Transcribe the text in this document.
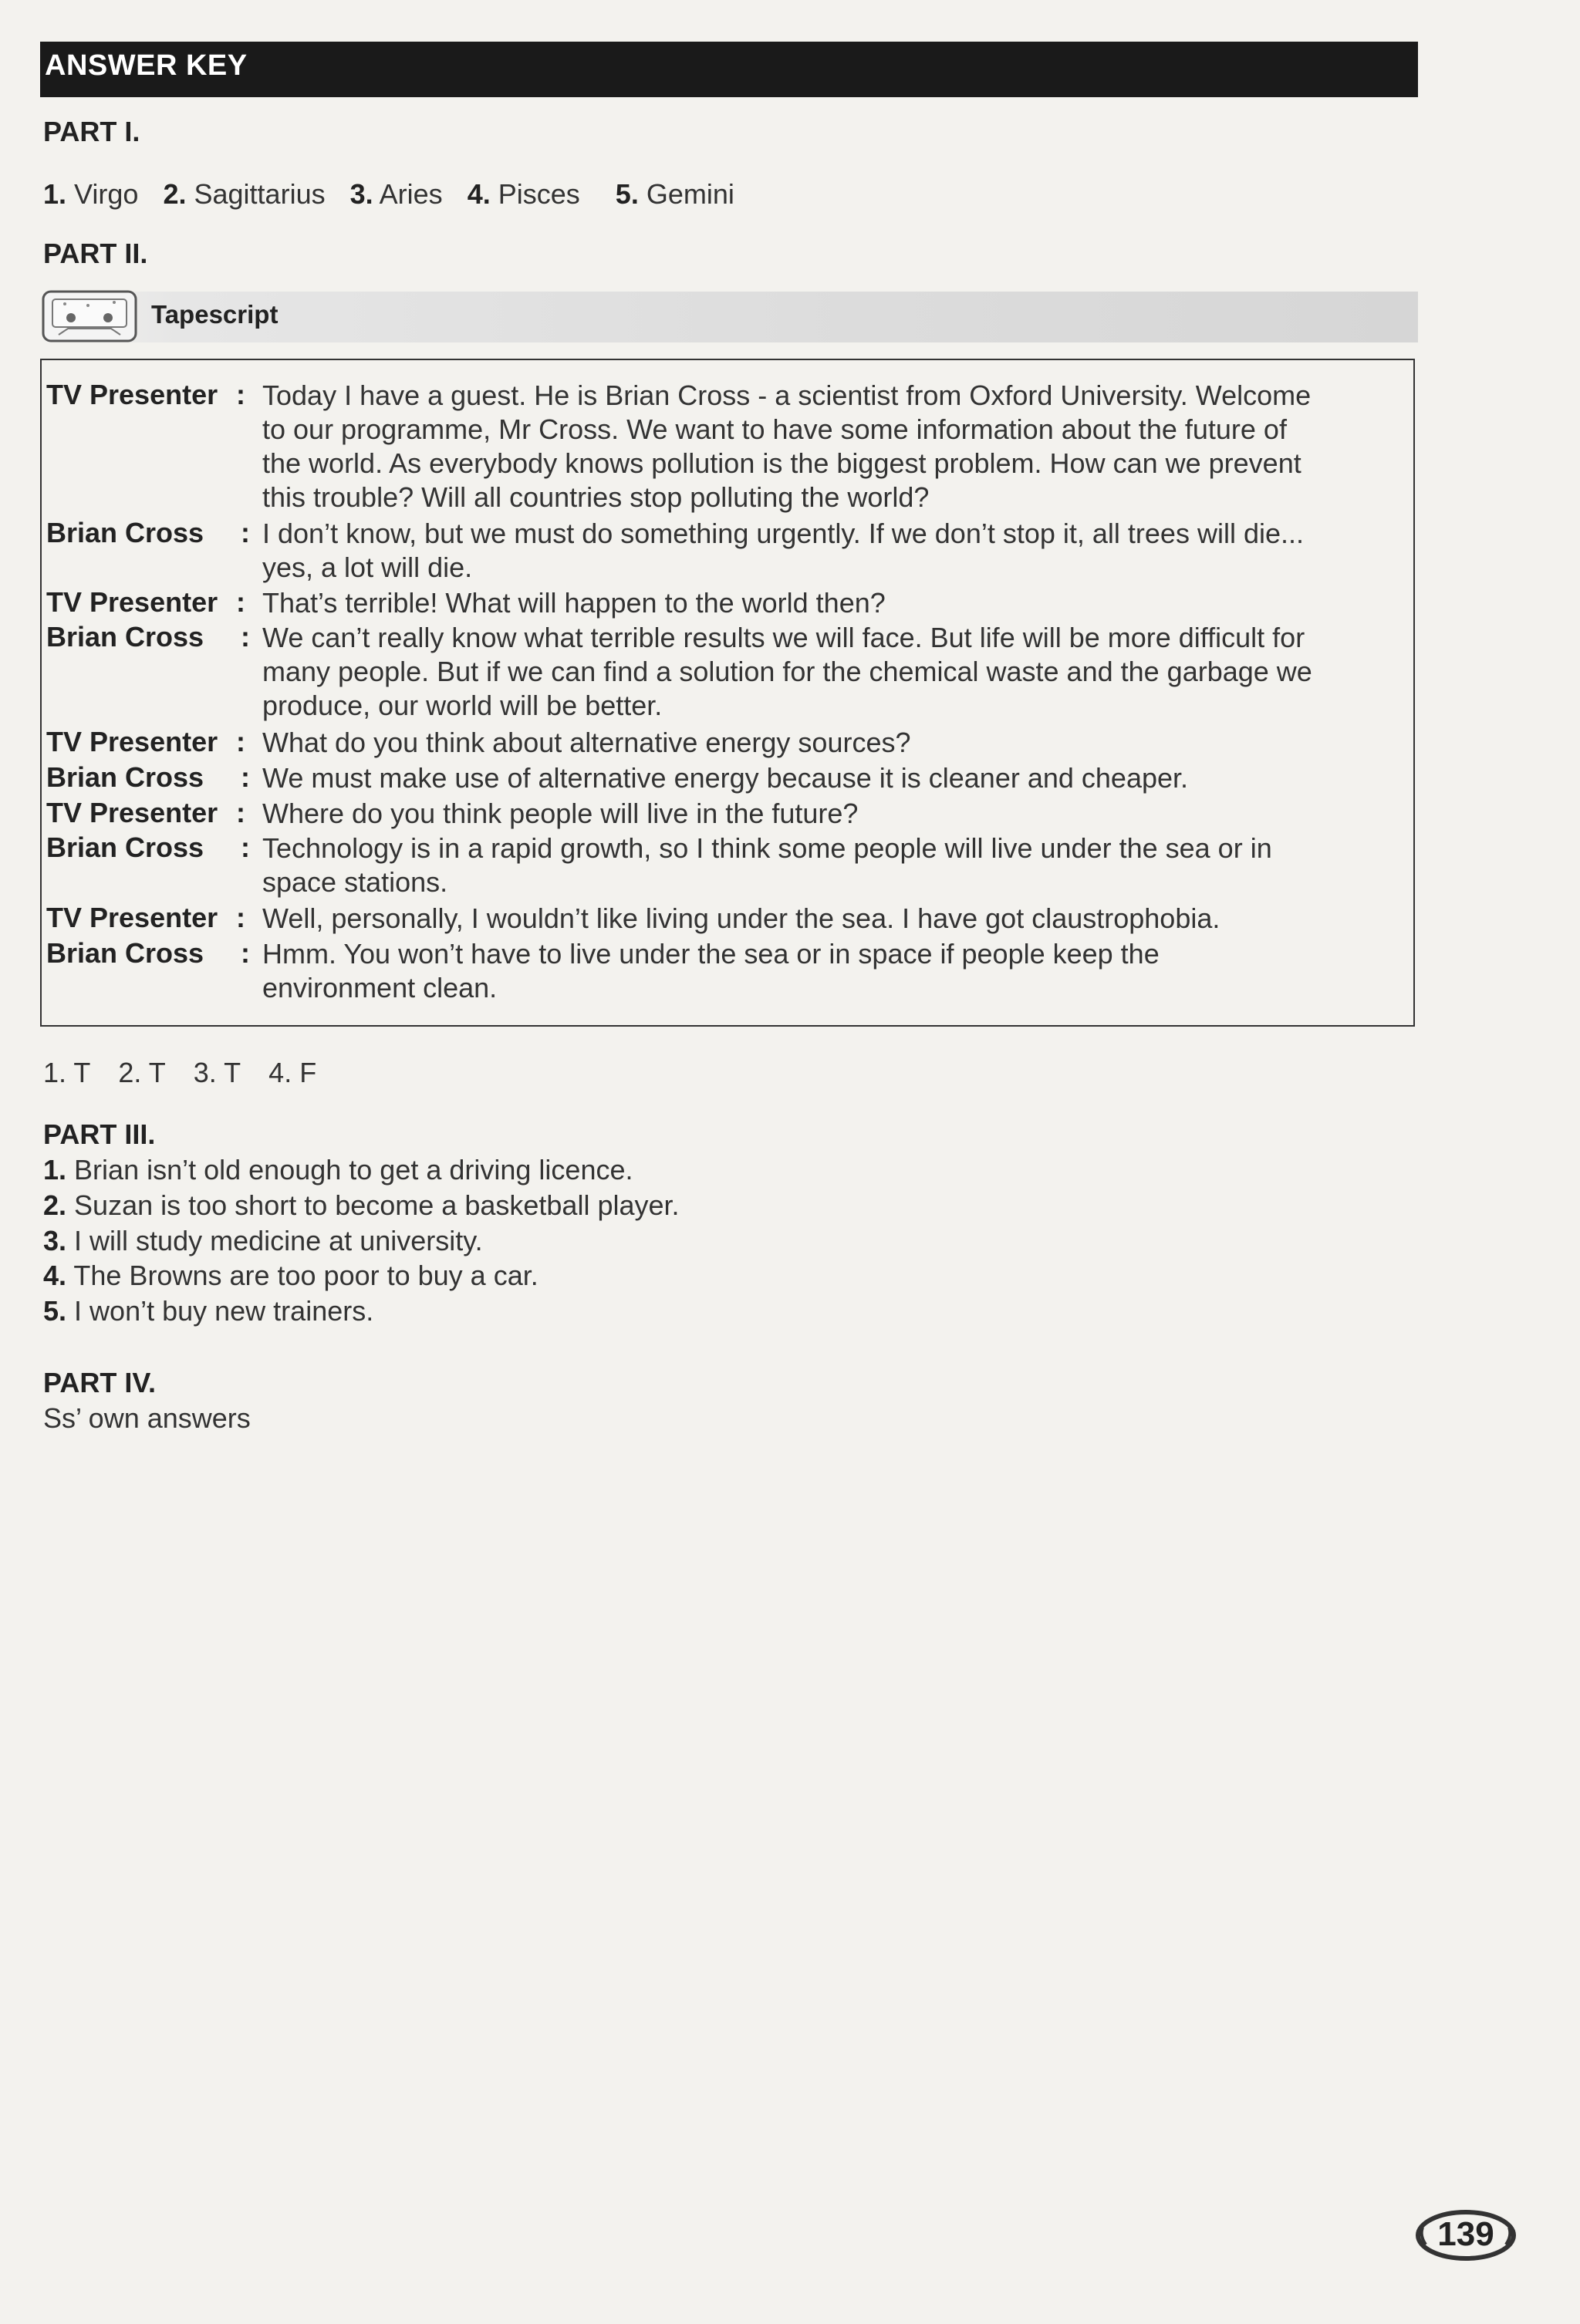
ANSWER KEY
PART I.
1. Virgo 2. Sagittarius 3. Aries 4. Pisces 5. Gemini
PART II.
Tapescript
TV Presenter : Today I have a guest. He is Brian Cross - a scientist from Oxford University. Welcome
to our programme, Mr Cross. We want to have some information about the future of
the world. As everybody knows pollution is the biggest problem. How can we prevent
this trouble? Will all countries stop polluting the world?
Brian Cross	: I don’t know, but we must do something urgently. If we don’t stop it, all trees will die...
yes, a lot will die.
TV Presenter : That’s terrible! What will happen to the world then?
Brian Cross	: We can’t really know what terrible results we will face. But life will be more difficult for
many people. But if we can find a solution for the chemical waste and the garbage we
produce, our world will be better.
TV Presenter : What do you think about alternative energy sources?
Brian Cross	: We must make use of alternative energy because it is cleaner and cheaper.
TV Presenter : Where do you think people will live in the future?
Brian Cross	: Technology is in a rapid growth, so I think some people will live under the sea or in
space stations.
TV Presenter : Well, personally, I wouldn’t like living under the sea. I have got claustrophobia.
Brian Cross	: Hmm. You won’t have to live under the sea or in space if people keep the
environment clean.
1. T 2. T 3. T 4. F
PART III.
1. Brian isn’t old enough to get a driving licence.
2. Suzan is too short to become a basketball player.
3. I will study medicine at university.
4. The Browns are too poor to buy a car.
5. I won’t buy new trainers.
PART IV.
Ss’ own answers
139
